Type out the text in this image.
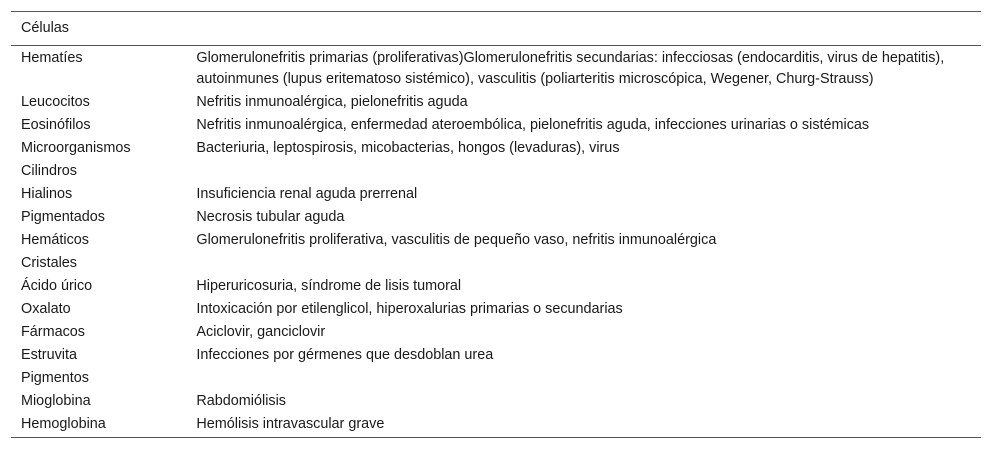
Células	
Hematíes	Glomerulonefritis primarias (proliferativas)Glomerulonefritis secundarias: infecciosas (endocarditis, virus de hepatitis), autoinmunes (lupus eritematoso sistémico), vasculitis (poliarteritis microscópica, Wegener, Churg-Strauss)
Leucocitos	Nefritis inmunoalérgica, pielonefritis aguda
Eosinófilos	Nefritis inmunoalérgica, enfermedad ateroembólica, pielonefritis aguda, infecciones urinarias o sistémicas
Microorganismos	Bacteriuria, leptospirosis, micobacterias, hongos (levaduras), virus
Cilindros	
Hialinos	Insuficiencia renal aguda prerrenal
Pigmentados	Necrosis tubular aguda
Hemáticos	Glomerulonefritis proliferativa, vasculitis de pequeño vaso, nefritis inmunoalérgica
Cristales	
Ácido úrico	Hiperuricosuria, síndrome de lisis tumoral
Oxalato	Intoxicación por etilenglicol, hiperoxalurias primarias o secundarias
Fármacos	Aciclovir, ganciclovir
Estruvita	Infecciones por gérmenes que desdoblan urea
Pigmentos	
Mioglobina	Rabdomiólisis
Hemoglobina	Hemólisis intravascular grave
